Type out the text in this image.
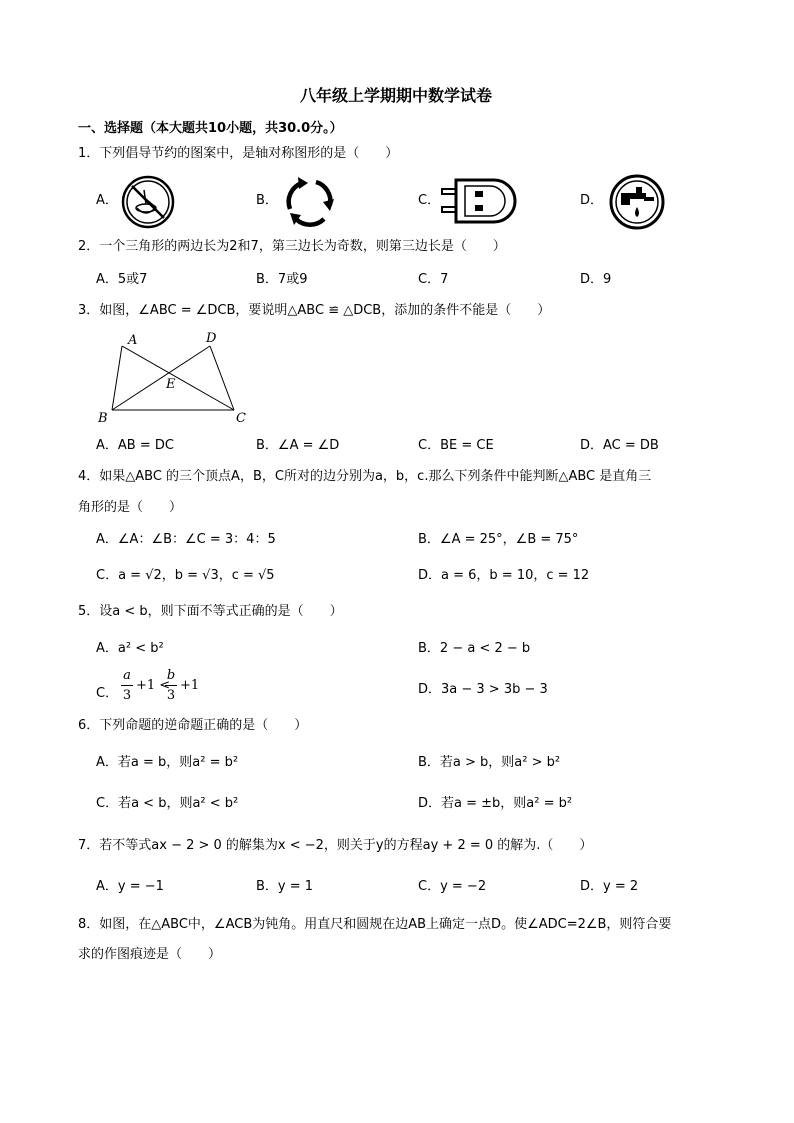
八年级上学期期中数学试卷
一、选择题（本大题共10小题，共30.0分。）
1．下列倡导节约的图案中，是轴对称图形的是（　　）
A．	B．	C．	D．
2．一个三角形的两边长为2和7，第三边长为奇数，则第三边长是（　　）
A．5或7	B．7或9	C．7	D．9
3．如图，∠ABC = ∠DCB，要说明△ABC ≌ △DCB，添加的条件不能是（　　）
A	D
E
B	C
A．AB = DC	B．∠A = ∠D	C．BE = CE	D．AC = DB
4．如果△ABC 的三个顶点A，B，C所对的边分别为a，b，c.那么下列条件中能判断△ABC 是直角三
角形的是（　　）
A．∠A：∠B：∠C = 3：4：5	B．∠A = 25°，∠B = 75°
C．a = √2，b = √3，c = √5	D．a = 6，b = 10，c = 12
5．设a < b，则下面不等式正确的是（　　）
A．a² < b²	B．2 − a < 2 − b
C．
a
3
+1 <
b
3
+1	D．3a − 3 > 3b − 3
6．下列命题的逆命题正确的是（　　）
A．若a = b，则a² = b²	B．若a > b，则a² > b²
C．若a < b，则a² < b²	D．若a = ±b，则a² = b²
7．若不等式ax − 2 > 0 的解集为x < −2，则关于y的方程ay + 2 = 0 的解为.（　　）
A．y = −1	B．y = 1	C．y = −2	D．y = 2
8．如图，在△ABC中，∠ACB为钝角。用直尺和圆规在边AB上确定一点D。使∠ADC=2∠B，则符合要
求的作图痕迹是（　　）
